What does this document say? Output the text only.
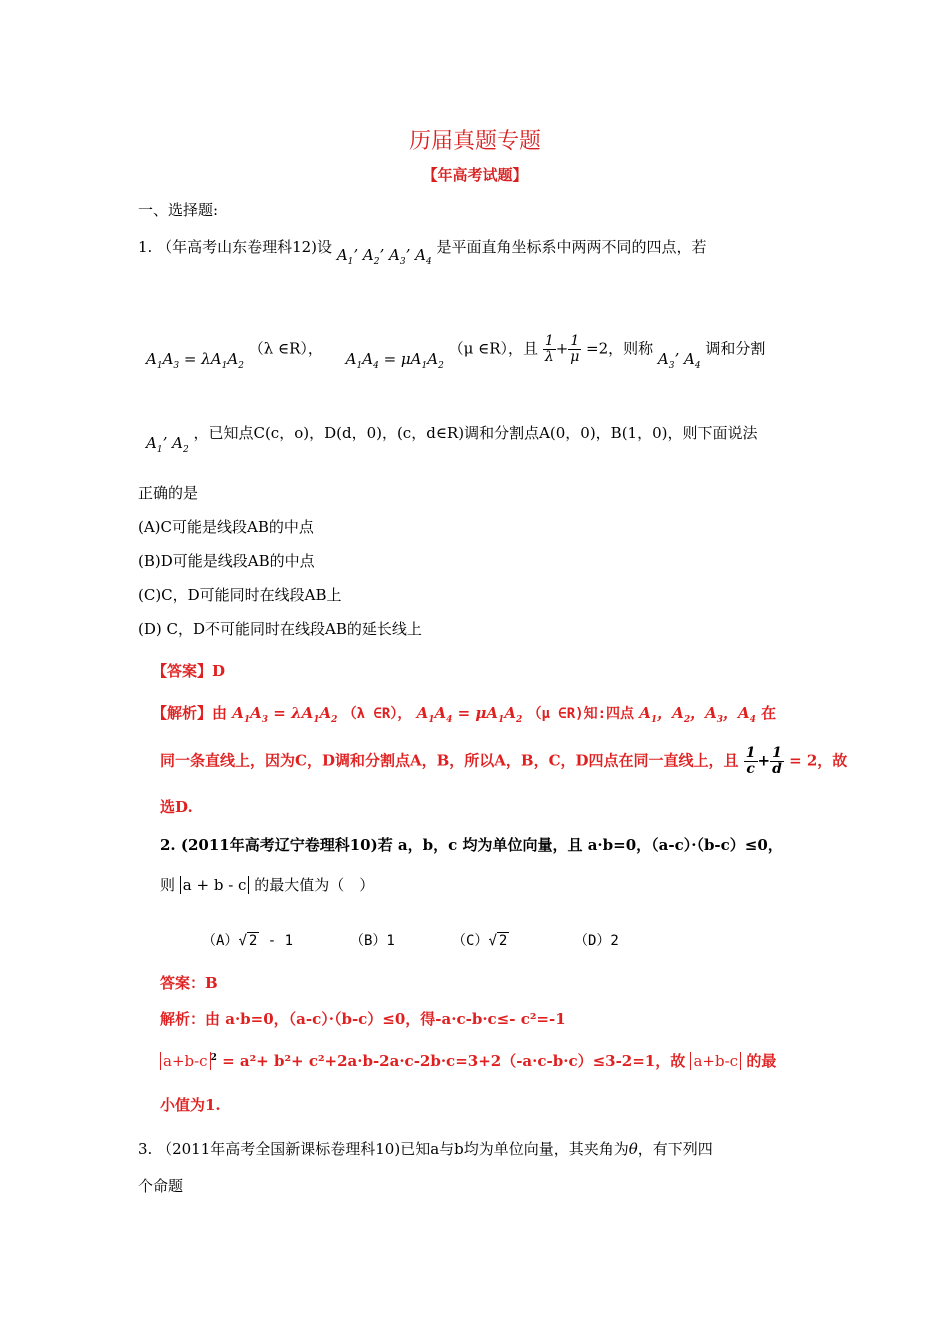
历届真题专题
【年高考试题】
一、选择题:
1. （年高考山东卷理科12)设 $A_1$’ $A_2$’ $A_3$’ $A_4$ 是平面直角坐标系中两两不同的四点，若
$A_1A_3 = \lambda A_1A_2$ （λ ∈R）， $A_1A_4 = \mu A_1A_2$ （μ ∈R），且 $\frac{1}{\lambda} + \frac{1}{\mu} =2$，则称 $A_3$’ $A_4$ 调和分割
$A_1$’ $A_2$ ，已知点C(c，o)，D(d，0)，(c，d∈R)调和分割点A(0，0)，B(1，0)，则下面说法
正确的是
(A)C可能是线段AB的中点
(B)D可能是线段AB的中点
(C)C，D可能同时在线段AB上
(D) C，D不可能同时在线段AB的延长线上
【答案】D
【解析】由 $A_1A_3 = \lambda A_1A_2$ （λ ∈R）， $A_1A_4 = \mu A_1A_2$ （μ ∈R)知:四点 $A_1$，$A_2$，$A_3$，$A_4$ 在
同一条直线上，因为C，D调和分割点A，B，所以A，B，C，D四点在同一直线上，且 $\frac{1}{c} + \frac{1}{d} = 2$，故
选D.
2. (2011年高考辽宁卷理科10)若 a，b，c 均为单位向量，且 a·b=0，（a-c）·（b-c）≤0，
则 a + b - c 的最大值为（　）
（A）√ 2 - 1	（B）1	（C）√ 2	（D）2
答案：B
解析：由 a·b=0，（a-c）·（b-c）≤0，得-a·c-b·c≤- c²=-1
a+b-c $^2$ = a²+ b²+ c²+2a·b-2a·c-2b·c=3+2（-a·c-b·c）≤3-2=1，故 a+b-c 的最
小值为1.
3. （2011年高考全国新课标卷理科10)已知a与b均为单位向量，其夹角为θ，有下列四
个命题
